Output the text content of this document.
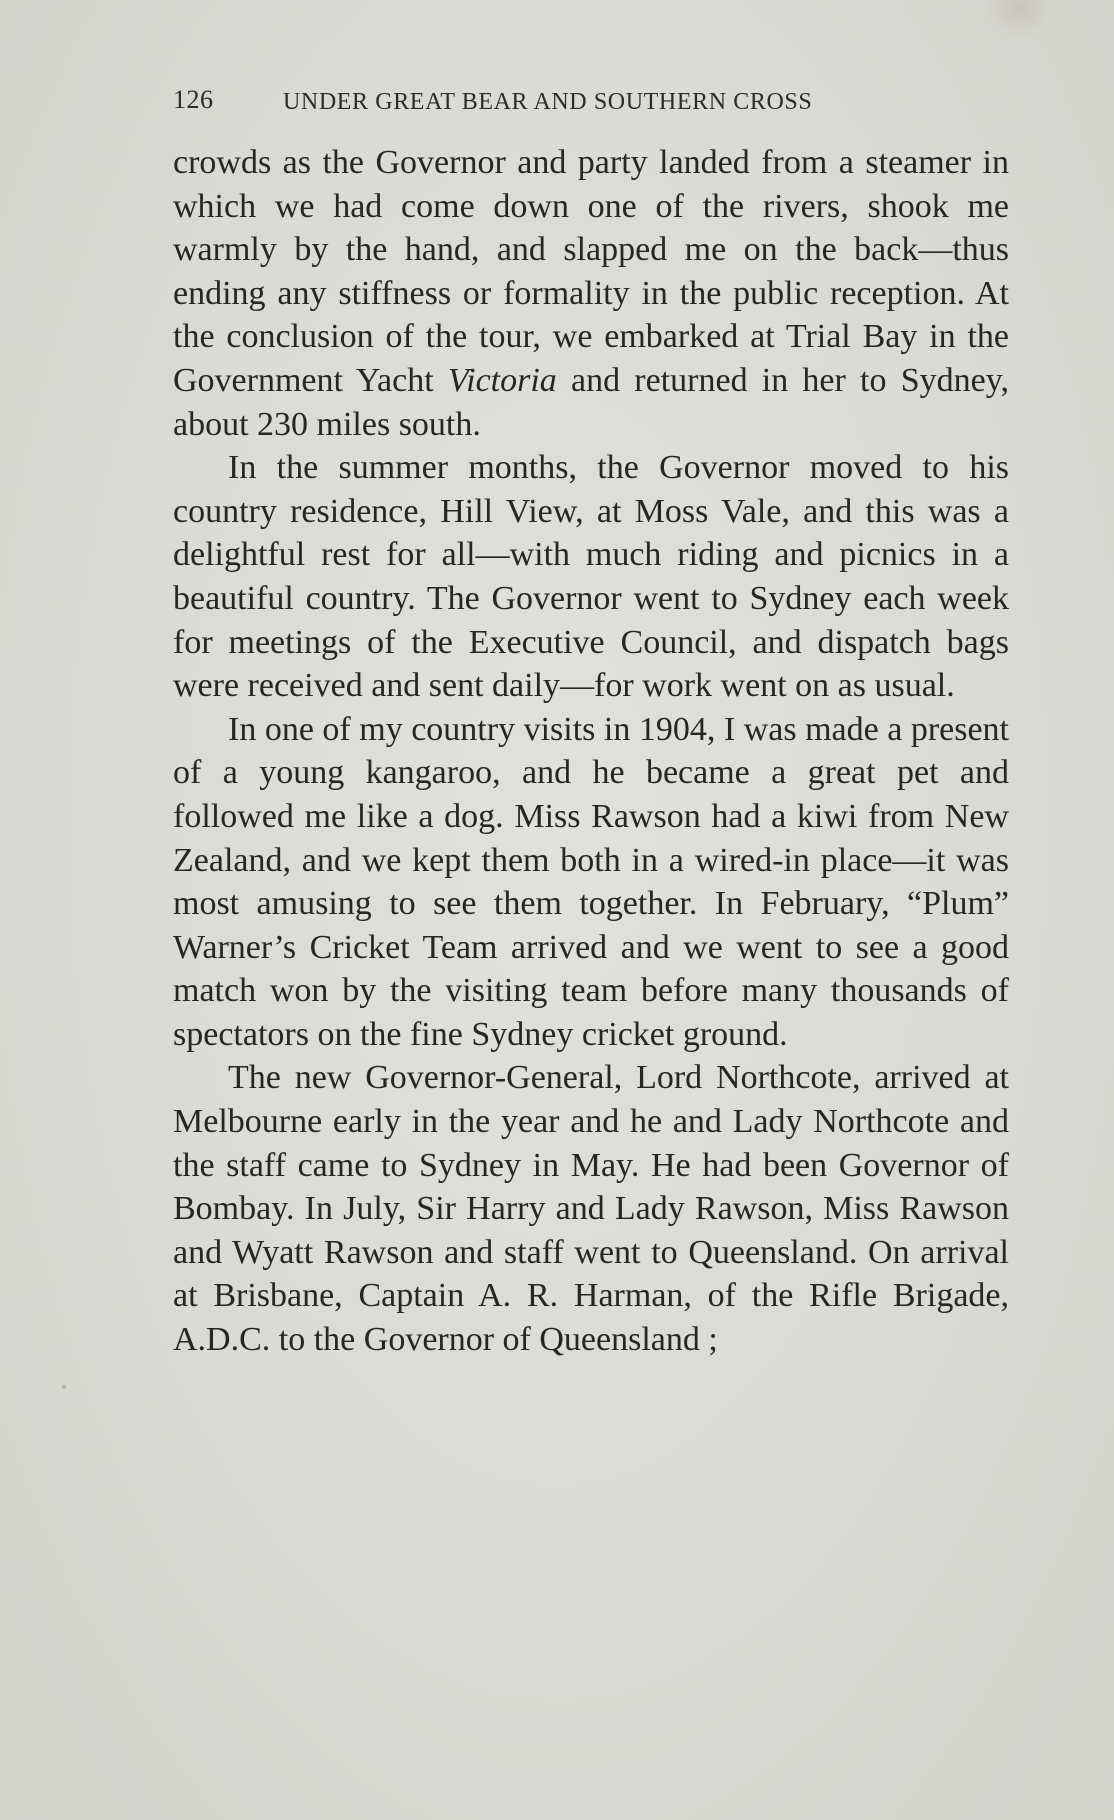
126	UNDER GREAT BEAR AND SOUTHERN CROSS

crowds as the Governor and party landed from a steamer in which we had come down one of the rivers, shook me warmly by the hand, and slapped me on the back—thus ending any stiffness or formality in the public reception. At the conclusion of the tour, we embarked at Trial Bay in the Government Yacht Victoria and returned in her to Sydney, about 230 miles south.

In the summer months, the Governor moved to his country residence, Hill View, at Moss Vale, and this was a delightful rest for all—with much riding and picnics in a beautiful country. The Governor went to Sydney each week for meetings of the Executive Council, and dispatch bags were received and sent daily—for work went on as usual.

In one of my country visits in 1904, I was made a present of a young kangaroo, and he became a great pet and followed me like a dog. Miss Rawson had a kiwi from New Zealand, and we kept them both in a wired-in place—it was most amusing to see them together. In February, “Plum” Warner’s Cricket Team arrived and we went to see a good match won by the visiting team before many thousands of spectators on the fine Sydney cricket ground.

The new Governor-General, Lord Northcote, arrived at Melbourne early in the year and he and Lady Northcote and the staff came to Sydney in May. He had been Governor of Bombay. In July, Sir Harry and Lady Rawson, Miss Rawson and Wyatt Rawson and staff went to Queensland. On arrival at Brisbane, Captain A. R. Harman, of the Rifle Brigade, A.D.C. to the Governor of Queensland ;
